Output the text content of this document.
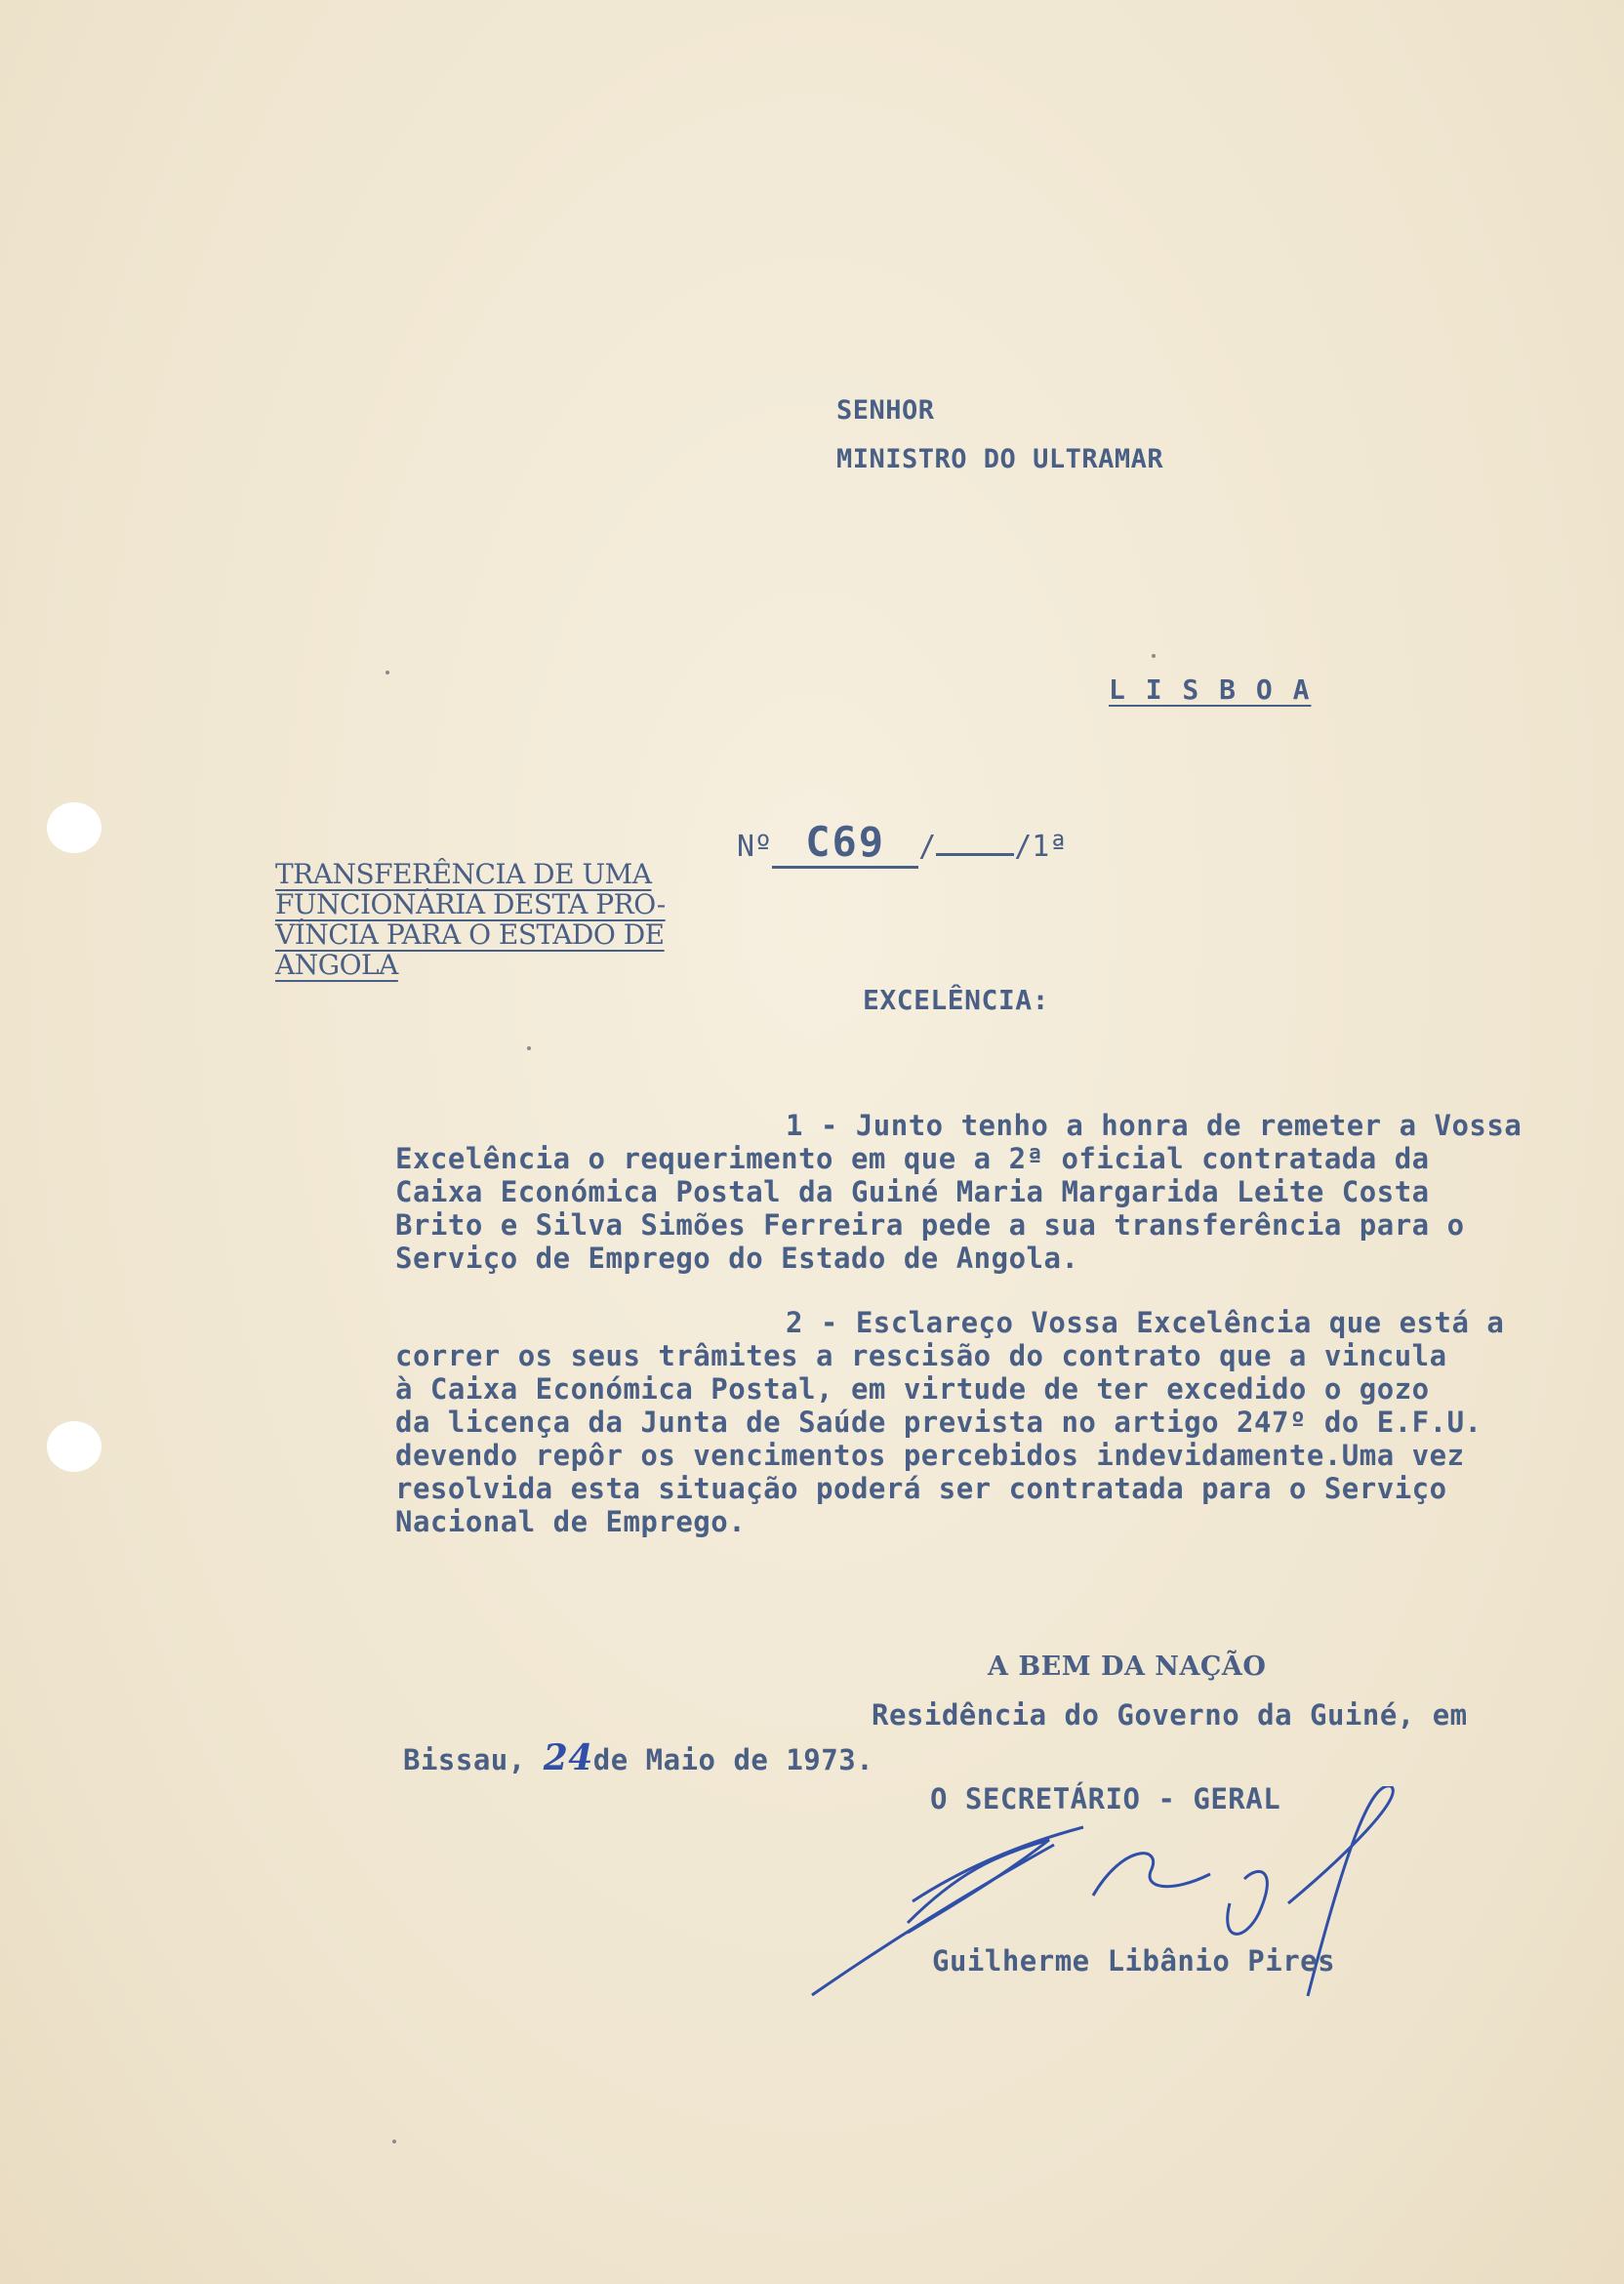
SENHOR
MINISTRO DO ULTRAMAR
L I S B O A
Nº C69 /	/1ª
TRANSFERÊNCIA DE UMA
FUNCIONÁRIA DESTA PRO-
VÍNCIA PARA O ESTADO DE
ANGOLA
EXCELÊNCIA:
1 - Junto tenho a honra de remeter a Vossa
Excelência o requerimento em que a 2ª oficial contratada da
Caixa Económica Postal da Guiné Maria Margarida Leite Costa
Brito e Silva Simões Ferreira pede a sua transferência para o
Serviço de Emprego do Estado de Angola.
2 - Esclareço Vossa Excelência que está a
correr os seus trâmites a rescisão do contrato que a vincula
à Caixa Económica Postal, em virtude de ter excedido o gozo
da licença da Junta de Saúde prevista no artigo 247º do E.F.U.
devendo repôr os vencimentos percebidos indevidamente.Uma vez
resolvida esta situação poderá ser contratada para o Serviço
Nacional de Emprego.
A BEM DA NAÇÃO
Residência do Governo da Guiné, em
Bissau, 24de Maio de 1973.
O SECRETÁRIO - GERAL
Guilherme Libânio Pires
